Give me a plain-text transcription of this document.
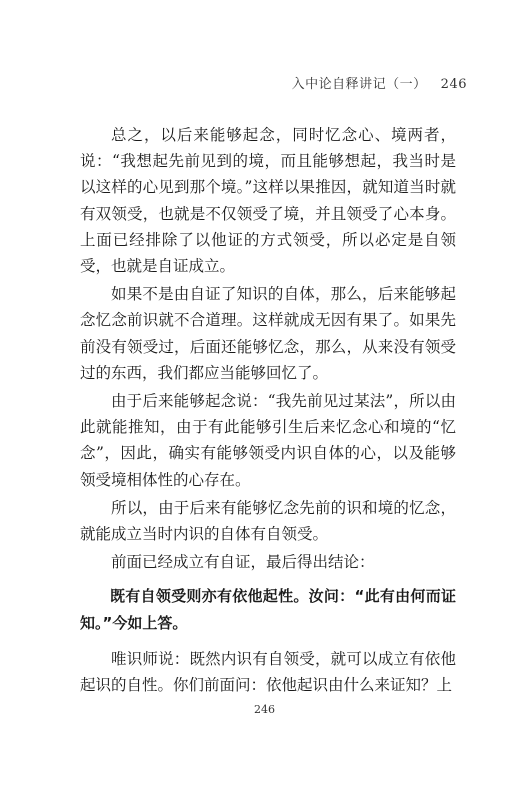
入中论自释讲记（一） 246

总之，以后来能够起念，同时忆念心、境两者，说：“我想起先前见到的境，而且能够想起，我当时是以这样的心见到那个境。”这样以果推因，就知道当时就有双领受，也就是不仅领受了境，并且领受了心本身。上面已经排除了以他证的方式领受，所以必定是自领受，也就是自证成立。

如果不是由自证了知识的自体，那么，后来能够起念忆念前识就不合道理。这样就成无因有果了。如果先前没有领受过，后面还能够忆念，那么，从来没有领受过的东西，我们都应当能够回忆了。

由于后来能够起念说：“我先前见过某法”，所以由此就能推知，由于有此能够引生后来忆念心和境的“忆念”，因此，确实有能够领受内识自体的心，以及能够领受境相体性的心存在。

所以，由于后来有能够忆念先前的识和境的忆念，就能成立当时内识的自体有自领受。

前面已经成立有自证，最后得出结论：

既有自领受则亦有依他起性。汝问：“此有由何而证知。”今如上答。

唯识师说：既然内识有自领受，就可以成立有依他起识的自性。你们前面问：依他起识由什么来证知？上

246
